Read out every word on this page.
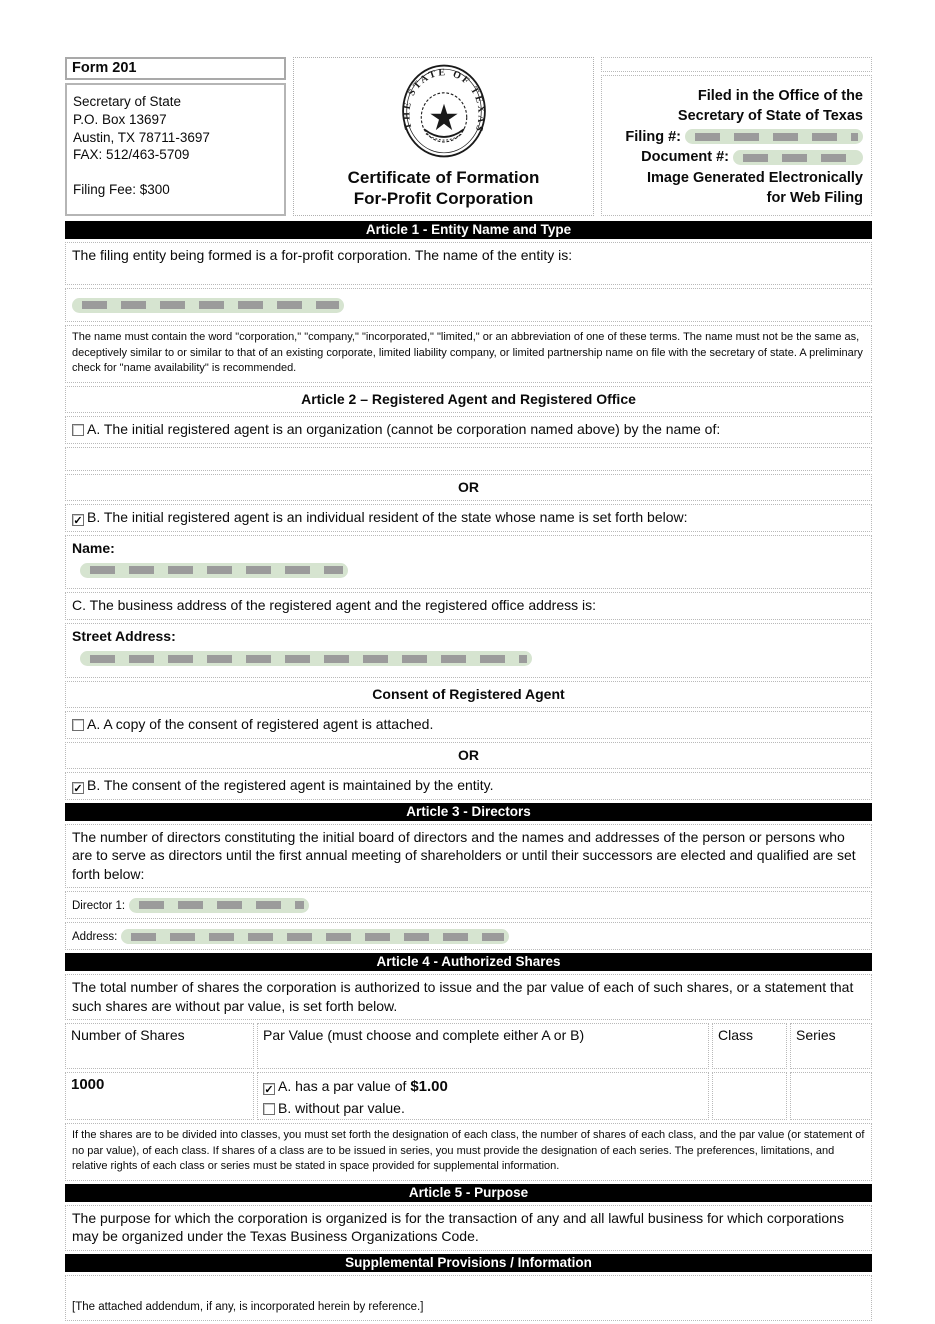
Form 201
Secretary of State
P.O. Box 13697
Austin, TX 78711-3697
FAX: 512/463-5709
Filing Fee: $300
THE STATE OF TEXAS
Certificate of Formation
For-Profit Corporation
Filed in the Office of the
Secretary of State of Texas
Filing #:
Document #:
Image Generated Electronically
for Web Filing
Article 1 - Entity Name and Type
The filing entity being formed is a for-profit corporation. The name of the entity is:
The name must contain the word "corporation," "company," "incorporated," "limited," or an abbreviation of one of these terms. The name must not be the same as, deceptively similar to or similar to that of an existing corporate, limited liability company, or limited partnership name on file with the secretary of state. A preliminary check for "name availability" is recommended.
Article 2 – Registered Agent and Registered Office
A. The initial registered agent is an organization (cannot be corporation named above) by the name of:
OR
✓ B. The initial registered agent is an individual resident of the state whose name is set forth below:
Name:
C. The business address of the registered agent and the registered office address is:
Street Address:
Consent of Registered Agent
A. A copy of the consent of registered agent is attached.
OR
✓ B. The consent of the registered agent is maintained by the entity.
Article 3 - Directors
The number of directors constituting the initial board of directors and the names and addresses of the person or persons who are to serve as directors until the first annual meeting of shareholders or until their successors are elected and qualified are set forth below:
Director 1:
Address:
Article 4 - Authorized Shares
The total number of shares the corporation is authorized to issue and the par value of each of such shares, or a statement that such shares are without par value, is set forth below.
Number of Shares	Par Value (must choose and complete either A or B)	Class	Series
1000	✓ A. has a par value of $1.00
B. without par value.
If the shares are to be divided into classes, you must set forth the designation of each class, the number of shares of each class, and the par value (or statement of no par value), of each class. If shares of a class are to be issued in series, you must provide the designation of each series. The preferences, limitations, and relative rights of each class or series must be stated in space provided for supplemental information.
Article 5 - Purpose
The purpose for which the corporation is organized is for the transaction of any and all lawful business for which corporations may be organized under the Texas Business Organizations Code.
Supplemental Provisions / Information
[The attached addendum, if any, is incorporated herein by reference.]
